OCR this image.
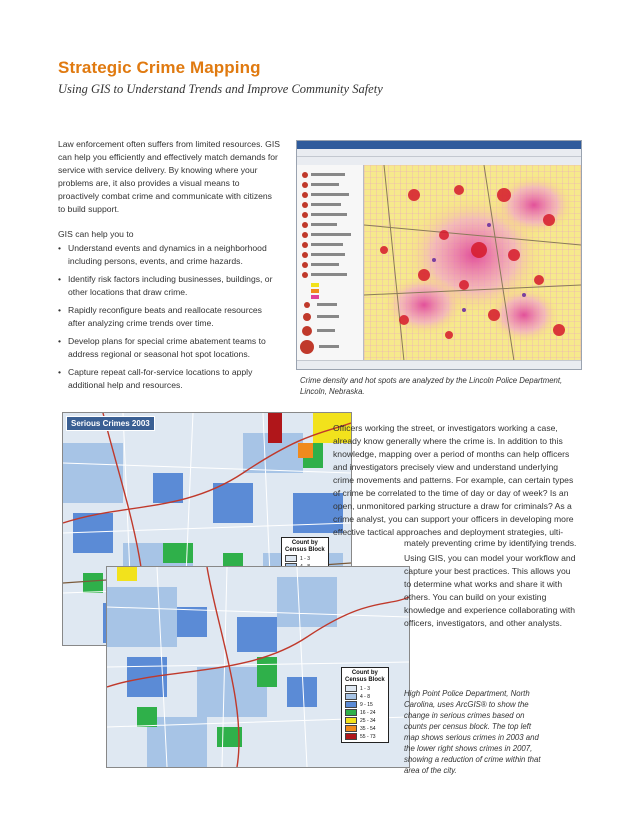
Strategic Crime Mapping
Using GIS to Understand Trends and Improve Community Safety

Law enforcement often suffers from limited resources. GIS can help you efficiently and effectively match demands for service with service delivery. By knowing where your problems are, it also provides a visual means to proactively combat crime and communicate with citizens to build support.

GIS can help you to

• Understand events and dynamics in a neighborhood including persons, events, and crime hazards.
• Identify risk factors including businesses, buildings, or other locations that draw crime.
• Rapidly reconfigure beats and reallocate resources after analyzing crime trends over time.
• Develop plans for special crime abatement teams to address regional or seasonal hot spot locations.
• Capture repeat call-for-service locations to apply additional help and resources.	Crime density and hot spots are analyzed by the Lincoln Police Department, Lincoln, Nebraska.

Serious Crimes 2003
Count by
Census Block
1 - 3
Count by
Census Block
1 - 3
4 - 8
9 - 15
16 - 24
25 - 34
35 - 54
55 - 73

Officers working the street, or investigators working a case, already know generally where the crime is. In addition to this knowledge, mapping over a period of months can help officers and investigators precisely view and understand underlying crime movements and patterns. For example, can certain types of crime be correlated to the time of day or day of week? Is an open, unmonitored parking structure a draw for criminals? As a crime analyst, you can support your officers in developing more effective tactical approaches and deployment strategies, ulti-

mately preventing crime by identifying trends.

Using GIS, you can model your workflow and capture your best practices. This allows you to determine what works and share it with others. You can build on your existing knowledge and experience collaborating with officers, investigators, and other analysts.

High Point Police Department, North Carolina, uses ArcGIS® to show the change in serious crimes based on counts per census block. The top left map shows serious crimes in 2003 and the lower right shows crimes in 2007, showing a reduction of crime within that area of the city.
